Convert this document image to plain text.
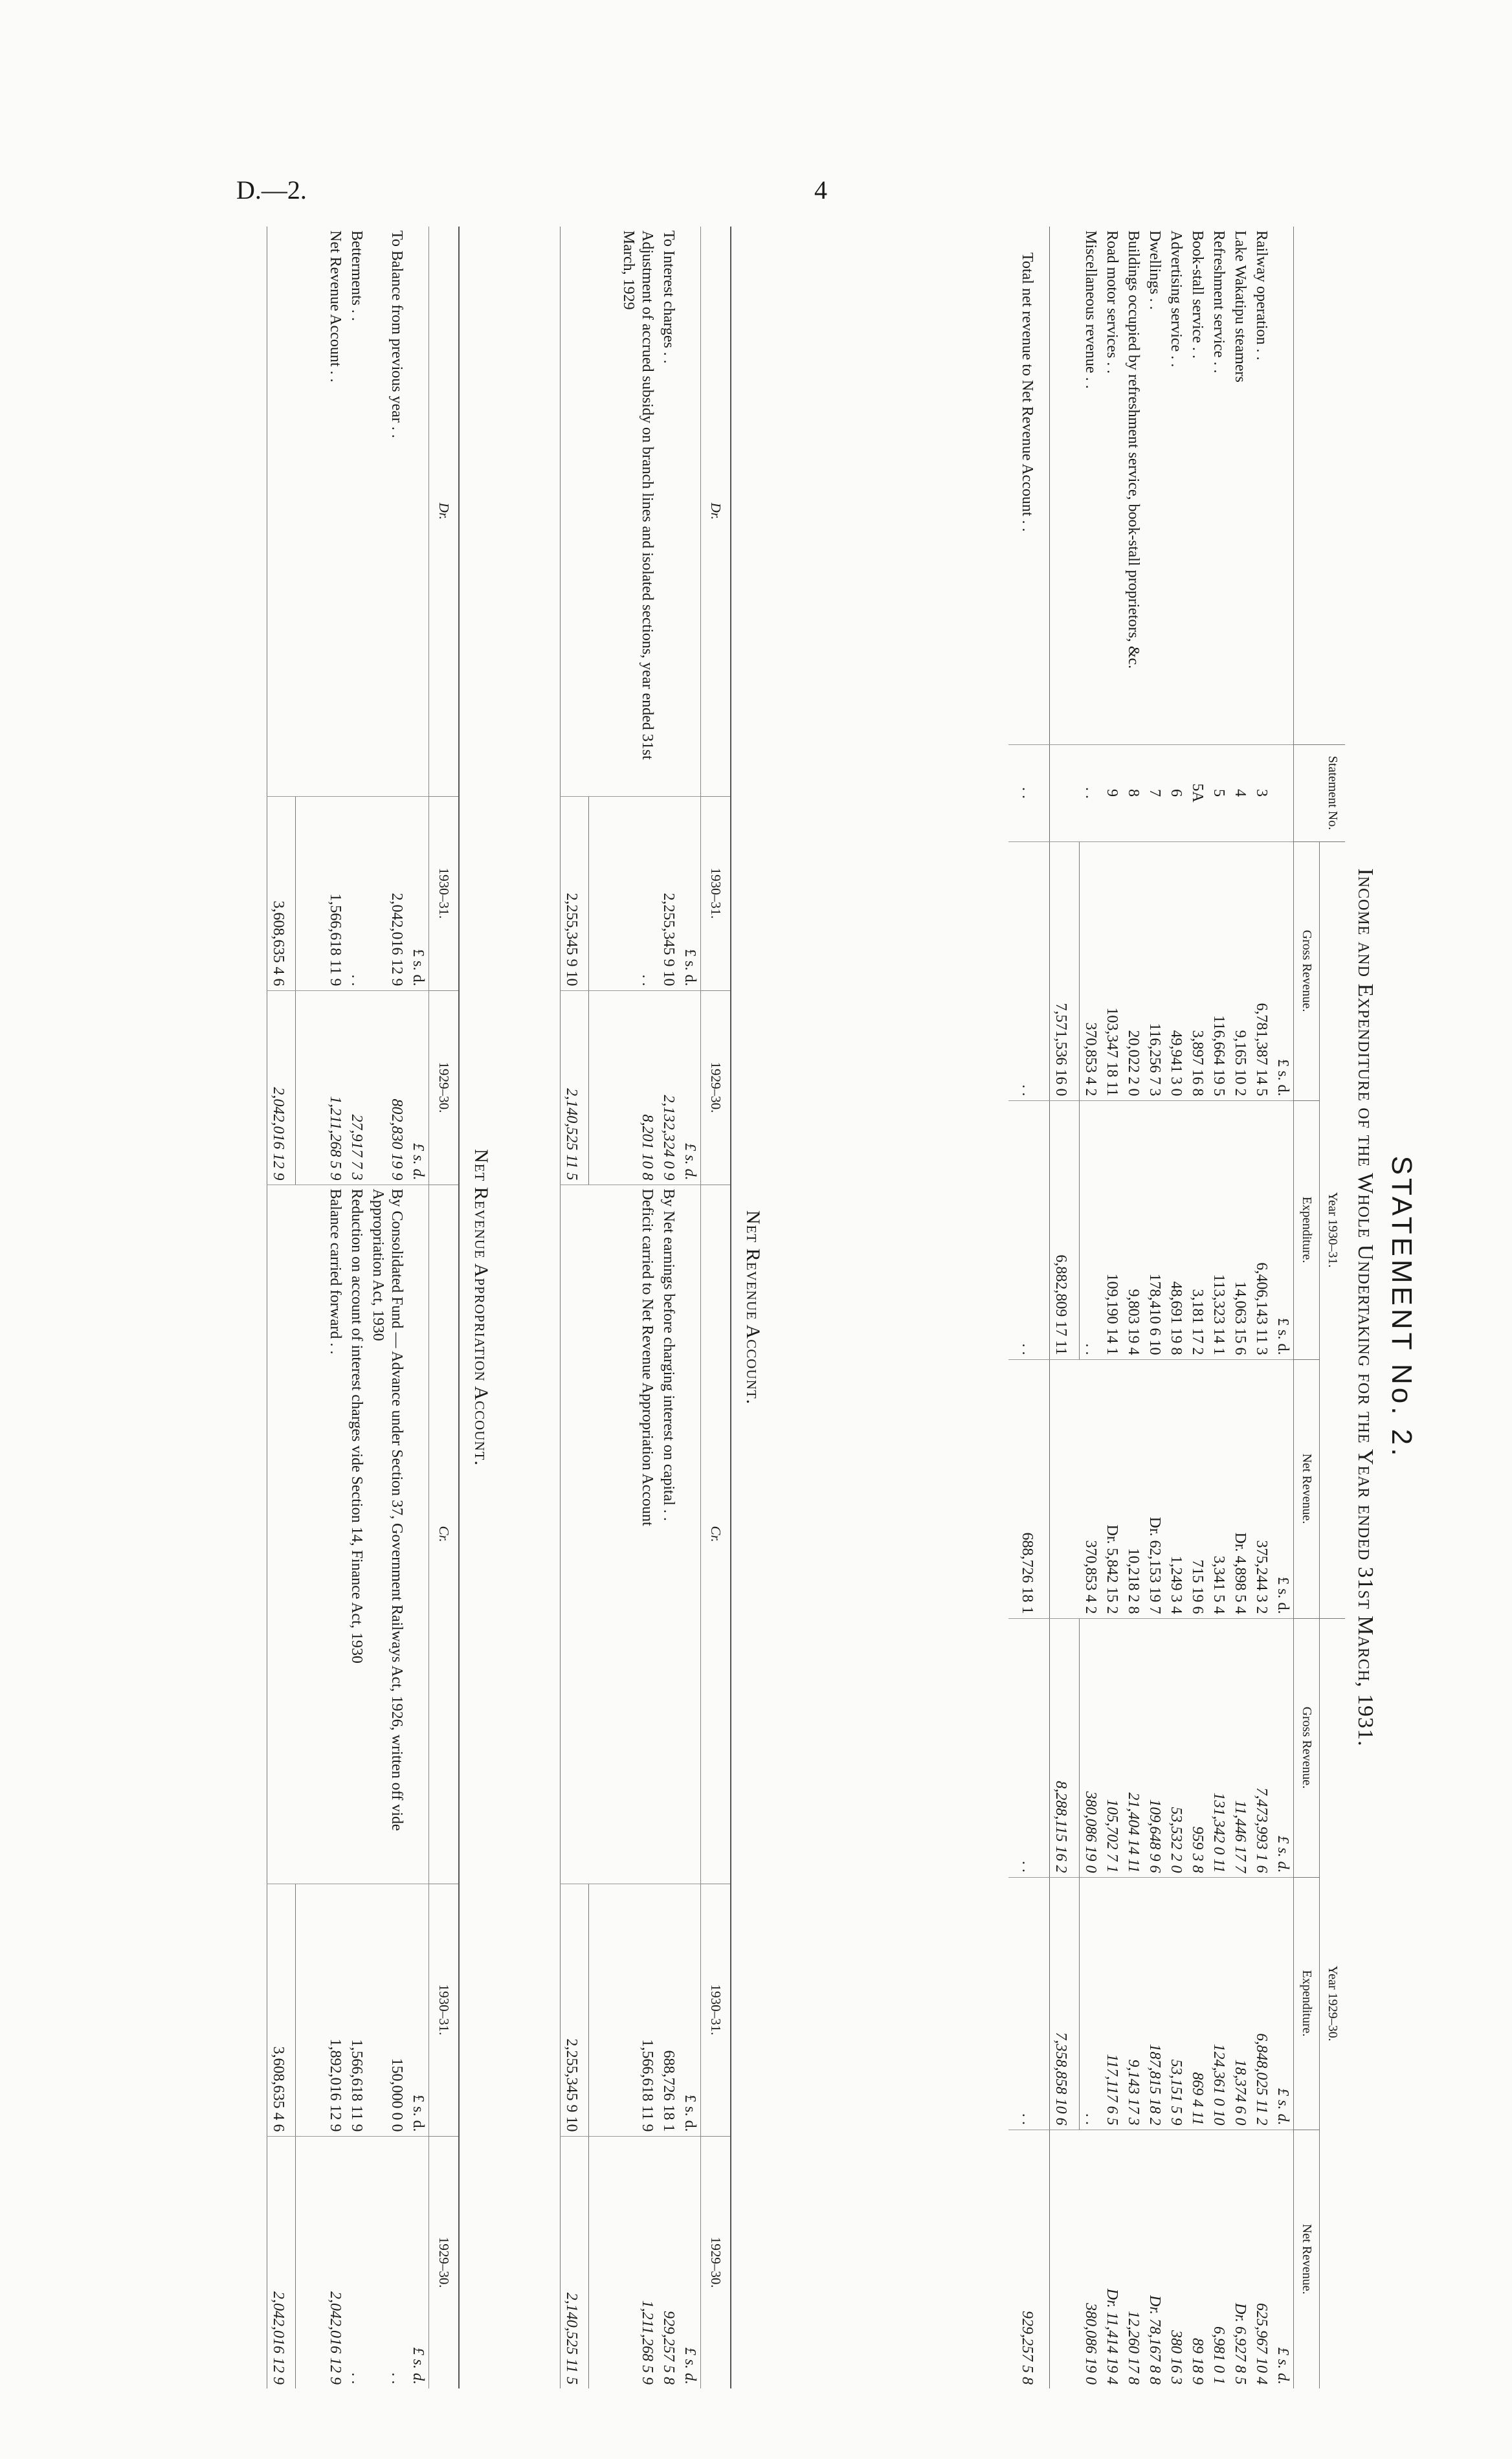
D.—2.	4
STATEMENT No. 2.
Income and Expenditure of the Whole Undertaking for the Year ended 31st March, 1931.
	Statement No.	Year 1930–31.			Year 1929–30.		
		Gross Revenue.	Expenditure.	Net Revenue.	Gross Revenue.	Expenditure.	Net Revenue.
		£ s. d.	£ s. d.	£ s. d.	£ s. d.	£ s. d.	£ s. d.
Railway operation . .	3	6,781,387 14 5	6,406,143 11 3	375,244 3 2	7,473,993 1 6	6,848,025 11 2	625,967 10 4
Lake Wakatipu steamers	4	9,165 10 2	14,063 15 6	Dr. 4,898 5 4	11,446 17 7	18,374 6 0	Dr. 6,927 8 5
Refreshment service . .	5	116,664 19 5	113,323 14 1	3,341 5 4	131,342 0 11	124,361 0 10	6,981 0 1
Book-stall service . .	5A	3,897 16 8	3,181 17 2	715 19 6	959 3 8	869 4 11	89 18 9
Advertising service . .	6	49,941 3 0	48,691 19 8	1,249 3 4	53,532 2 0	53,151 5 9	380 16 3
Dwellings . .	7	116,256 7 3	178,410 6 10	Dr. 62,153 19 7	109,648 9 6	187,815 18 2	Dr. 78,167 8 8
Buildings occupied by refreshment service, book-stall proprietors, &c.	8	20,022 2 0	9,803 19 4	10,218 2 8	21,404 14 11	9,143 17 3	12,260 17 8
Road motor services . .	9	103,347 18 11	109,190 14 1	Dr. 5,842 15 2	105,702 7 1	117,117 6 5	Dr. 11,414 19 4
Miscellaneous revenue . .	. .	370,853 4 2	. .	370,853 4 2	380,086 19 0	. .	380,086 19 0
		7,571,536 16 0	6,882,809 17 11		8,288,115 16 2	7,358,858 10 6	
Total net revenue to Net Revenue Account . .	. .	. .	. .	688,726 18 1	. .	. .	929,257 5 8
Net Revenue Account.
Dr.	1930–31.	1929–30.	Cr.	1930–31.	1929–30.
	£ s. d.	£ s. d.		£ s. d.	£ s. d.
To Interest charges . .	2,255,345 9 10	2,132,324 0 9	By Net earnings before charging interest on capital . .	688,726 18 1	929,257 5 8
Adjustment of accrued subsidy on branch lines and isolated sections, year ended 31st March, 1929	. .	8,201 10 8	Deficit carried to Net Revenue Appropriation Account	1,566,618 11 9	1,211,268 5 9

	2,255,345 9 10	2,140,525 11 5		2,255,345 9 10	2,140,525 11 5
Net Revenue Appropriation Account.
Dr.	1930–31.	1929–30.	Cr.	1930–31.	1929–30.
	£ s. d.	£ s. d.		£ s. d.	£ s. d.
To Balance from previous year . .	2,042,016 12 9	802,830 19 9	By Consolidated Fund — Advance under Section 37, Government Railways Act, 1926, written off vide Appropriation Act, 1930	150,000 0 0	. .
Betterments . .	. .	27,917 7 3	Reduction on account of interest charges vide Section 14, Finance Act, 1930	1,566,618 11 9	. .
Net Revenue Account . .	1,566,618 11 9	1,211,268 5 9	Balance carried forward . .	1,892,016 12 9	2,042,016 12 9

	3,608,635 4 6	2,042,016 12 9		3,608,635 4 6	2,042,016 12 9
